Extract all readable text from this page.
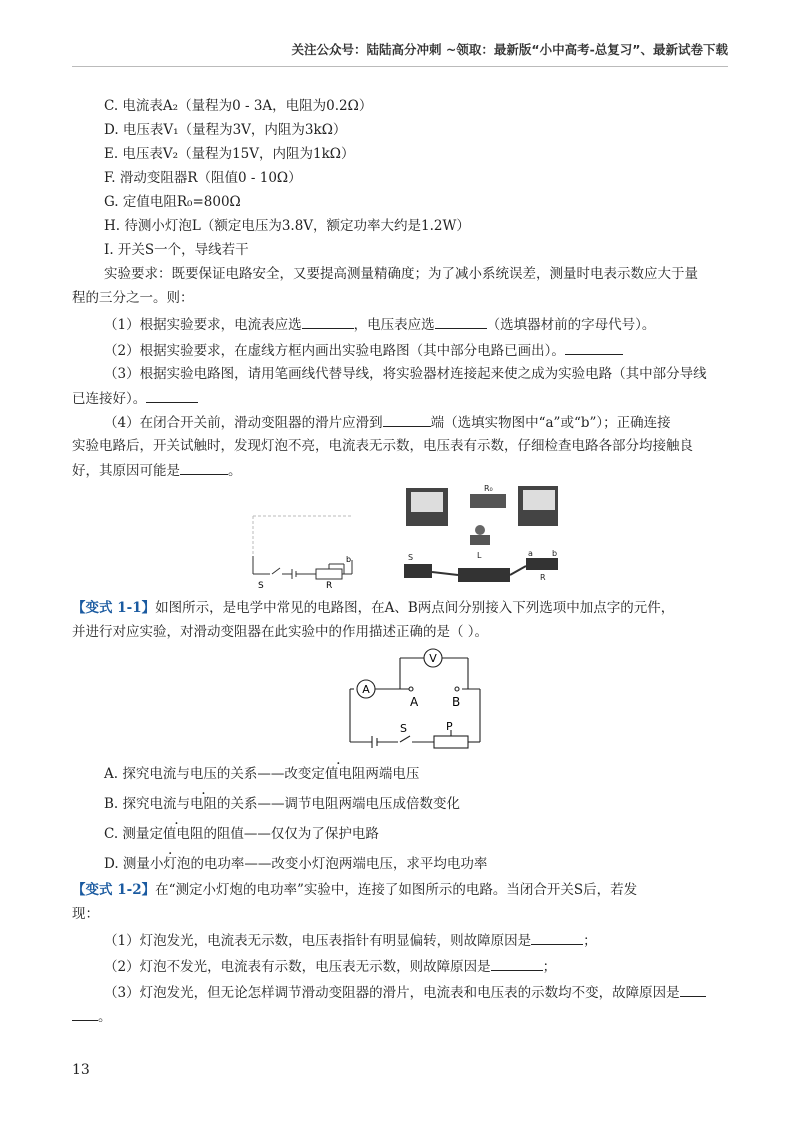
关注公众号：陆陆高分冲刺 ~领取：最新版“小中高考-总复习”、最新试卷下载
C. 电流表A₂（量程为0 - 3A，电阻为0.2Ω）
D. 电压表V₁（量程为3V，内阻为3kΩ）
E. 电压表V₂（量程为15V，内阻为1kΩ）
F. 滑动变阻器R（阻值0 - 10Ω）
G. 定值电阻R₀=800Ω
H. 待测小灯泡L（额定电压为3.8V，额定功率大约是1.2W）
I. 开关S一个，导线若干
实验要求：既要保证电路安全，又要提高测量精确度；为了减小系统误差，测量时电表示数应大于量
程的三分之一。则：
（1）根据实验要求，电流表应选	，电压表应选	（选填器材前的字母代号）。
（2）根据实验要求，在虚线方框内画出实验电路图（其中部分电路已画出）。
（3）根据实验电路图，请用笔画线代替导线，将实验器材连接起来使之成为实验电路（其中部分导线
已连接好）。
（4）在闭合开关前，滑动变阻器的滑片应滑到	端（选填实物图中“a”或“b”）；正确连接
实验电路后，开关试触时，发现灯泡不亮，电流表无示数，电压表有示数，仔细检查电路各部分均接触良
好，其原因可能是	。
S	R
b
R₀
L
S	a b
R
【变式 1-1】如图所示，是电学中常见的电路图，在A、B两点间分别接入下列选项中加点字的元件，
并进行对应实验，对滑动变阻器在此实验中的作用描述正确的是（ ）。
A
V
A	B
S	P
A. 探究电流与电压的关系——改变定值电阻两端电压
B. 探究电流与电阻的关系——调节电阻两端电压成倍数变化
C. 测量定值电阻的阻值——仅仅为了保护电路
D. 测量小灯泡的电功率——改变小灯泡两端电压，求平均电功率
【变式 1-2】在“测定小灯炮的电功率”实验中，连接了如图所示的电路。当闭合开关S后，若发
现：
（1）灯泡发光，电流表无示数，电压表指针有明显偏转，则故障原因是	；
（2）灯泡不发光，电流表有示数，电压表无示数，则故障原因是	；
（3）灯泡发光，但无论怎样调节滑动变阻器的滑片，电流表和电压表的示数均不变，故障原因是
。
13
